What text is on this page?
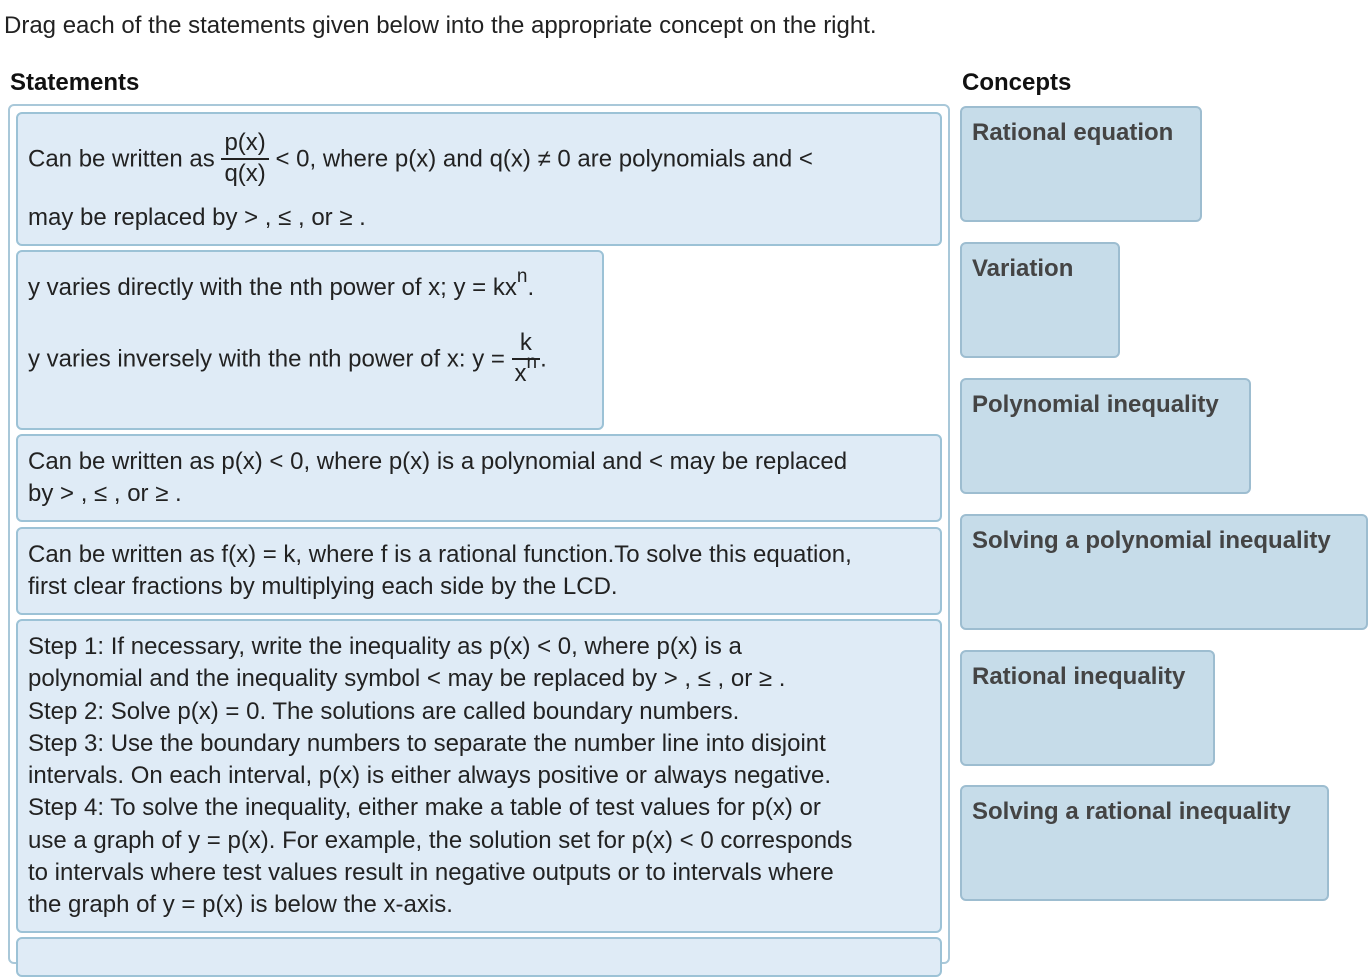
Drag each of the statements given below into the appropriate concept on the right.
Statements	Concepts
Can be written as $\frac{p(x)}{q(x)} < 0$, where p(x) and q(x) ≠ 0 are polynomials and <
may be replaced by > , ≤ , or ≥ .
y varies directly with the nth power of x; $y = kx^n$.
y varies inversely with the nth power of x: $y = \frac{k}{x^n}$ .
Can be written as p(x) < 0, where p(x) is a polynomial and < may be replaced
by > , ≤ , or ≥ .
Can be written as f(x) = k, where f is a rational function.To solve this equation,
first clear fractions by multiplying each side by the LCD.
Step 1: If necessary, write the inequality as p(x) < 0, where p(x) is a
polynomial and the inequality symbol < may be replaced by > , ≤ , or ≥ .
Step 2: Solve p(x) = 0. The solutions are called boundary numbers.
Step 3: Use the boundary numbers to separate the number line into disjoint
intervals. On each interval, p(x) is either always positive or always negative.
Step 4: To solve the inequality, either make a table of test values for p(x) or
use a graph of y = p(x). For example, the solution set for p(x) < 0 corresponds
to intervals where test values result in negative outputs or to intervals where
the graph of y = p(x) is below the x-axis.
Rational equation
Variation
Polynomial inequality
Solving a polynomial inequality
Rational inequality
Solving a rational inequality
